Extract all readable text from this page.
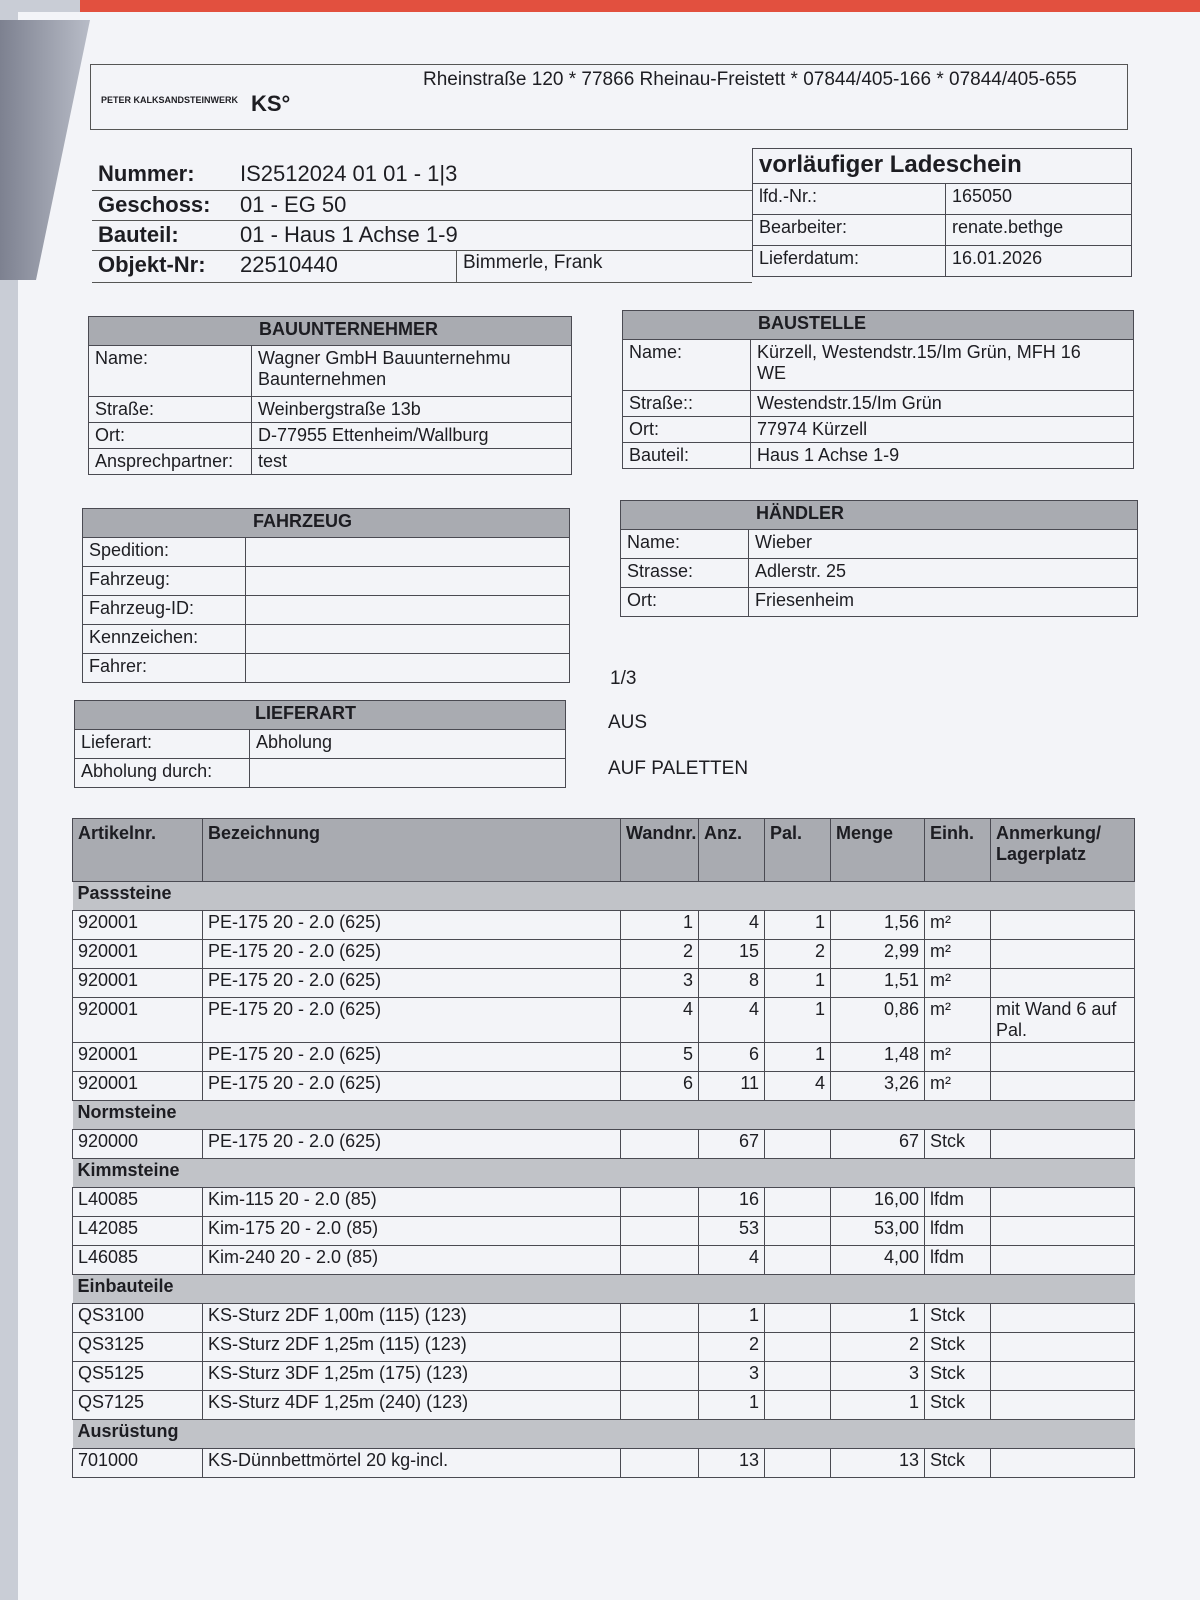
PETER KALKSANDSTEINWERK KS°
Rheinstraße 120 * 77866 Rheinau-Freistett * 07844/405-166 * 07844/405-655
Nummer:	IS2512024 01 01 - 1|3	
Geschoss:	01 - EG 50	
Bauteil:	01 - Haus 1 Achse 1-9	
Objekt-Nr:	22510440	Bimmerle, Frank
vorläufiger Ladeschein	
lfd.-Nr.:	165050
Bearbeiter:	renate.bethge
Lieferdatum:	16.01.2026
BAUUNTERNEHMER	
Name:	Wagner GmbH Bauunternehmu
Baunternehmen

Straße:	Weinbergstraße 13b
Ort:	D-77955 Ettenheim/Wallburg
Ansprechpartner:	test
BAUSTELLE	
Name:	Kürzell, Westendstr.15/Im Grün, MFH 16
WE

Straße::	Westendstr.15/Im Grün
Ort:	77974 Kürzell
Bauteil:	Haus 1 Achse 1-9
FAHRZEUG	
Spedition:	
Fahrzeug:	
Fahrzeug-ID:	
Kennzeichen:	
Fahrer:	
HÄNDLER	
Name:	Wieber
Strasse:	Adlerstr. 25
Ort:	Friesenheim
LIEFERART	
Lieferart:	Abholung
Abholung durch:	
1/3
AUS
AUF PALETTEN
Artikelnr.	Bezeichnung	Wandnr.	Anz.	Pal.	Menge	Einh.	Anmerkung/ Lagerplatz
Passsteine							
920001	PE-175 20 - 2.0 (625)	1	4	1	1,56	m²	
920001	PE-175 20 - 2.0 (625)	2	15	2	2,99	m²	
920001	PE-175 20 - 2.0 (625)	3	8	1	1,51	m²	
920001	PE-175 20 - 2.0 (625)	4	4	1	0,86	m²	mit Wand 6 auf Pal.
920001	PE-175 20 - 2.0 (625)	5	6	1	1,48	m²	
920001	PE-175 20 - 2.0 (625)	6	11	4	3,26	m²	
Normsteine							
920000	PE-175 20 - 2.0 (625)		67		67	Stck	
Kimmsteine							
L40085	Kim-115 20 - 2.0 (85)		16		16,00	lfdm	
L42085	Kim-175 20 - 2.0 (85)		53		53,00	lfdm	
L46085	Kim-240 20 - 2.0 (85)		4		4,00	lfdm	
Einbauteile							
QS3100	KS-Sturz 2DF 1,00m (115) (123)		1		1	Stck	
QS3125	KS-Sturz 2DF 1,25m (115) (123)		2		2	Stck	
QS5125	KS-Sturz 3DF 1,25m (175) (123)		3		3	Stck	
QS7125	KS-Sturz 4DF 1,25m (240) (123)		1		1	Stck	
Ausrüstung							
701000	KS-Dünnbettmörtel 20 kg-incl.		13		13	Stck	
